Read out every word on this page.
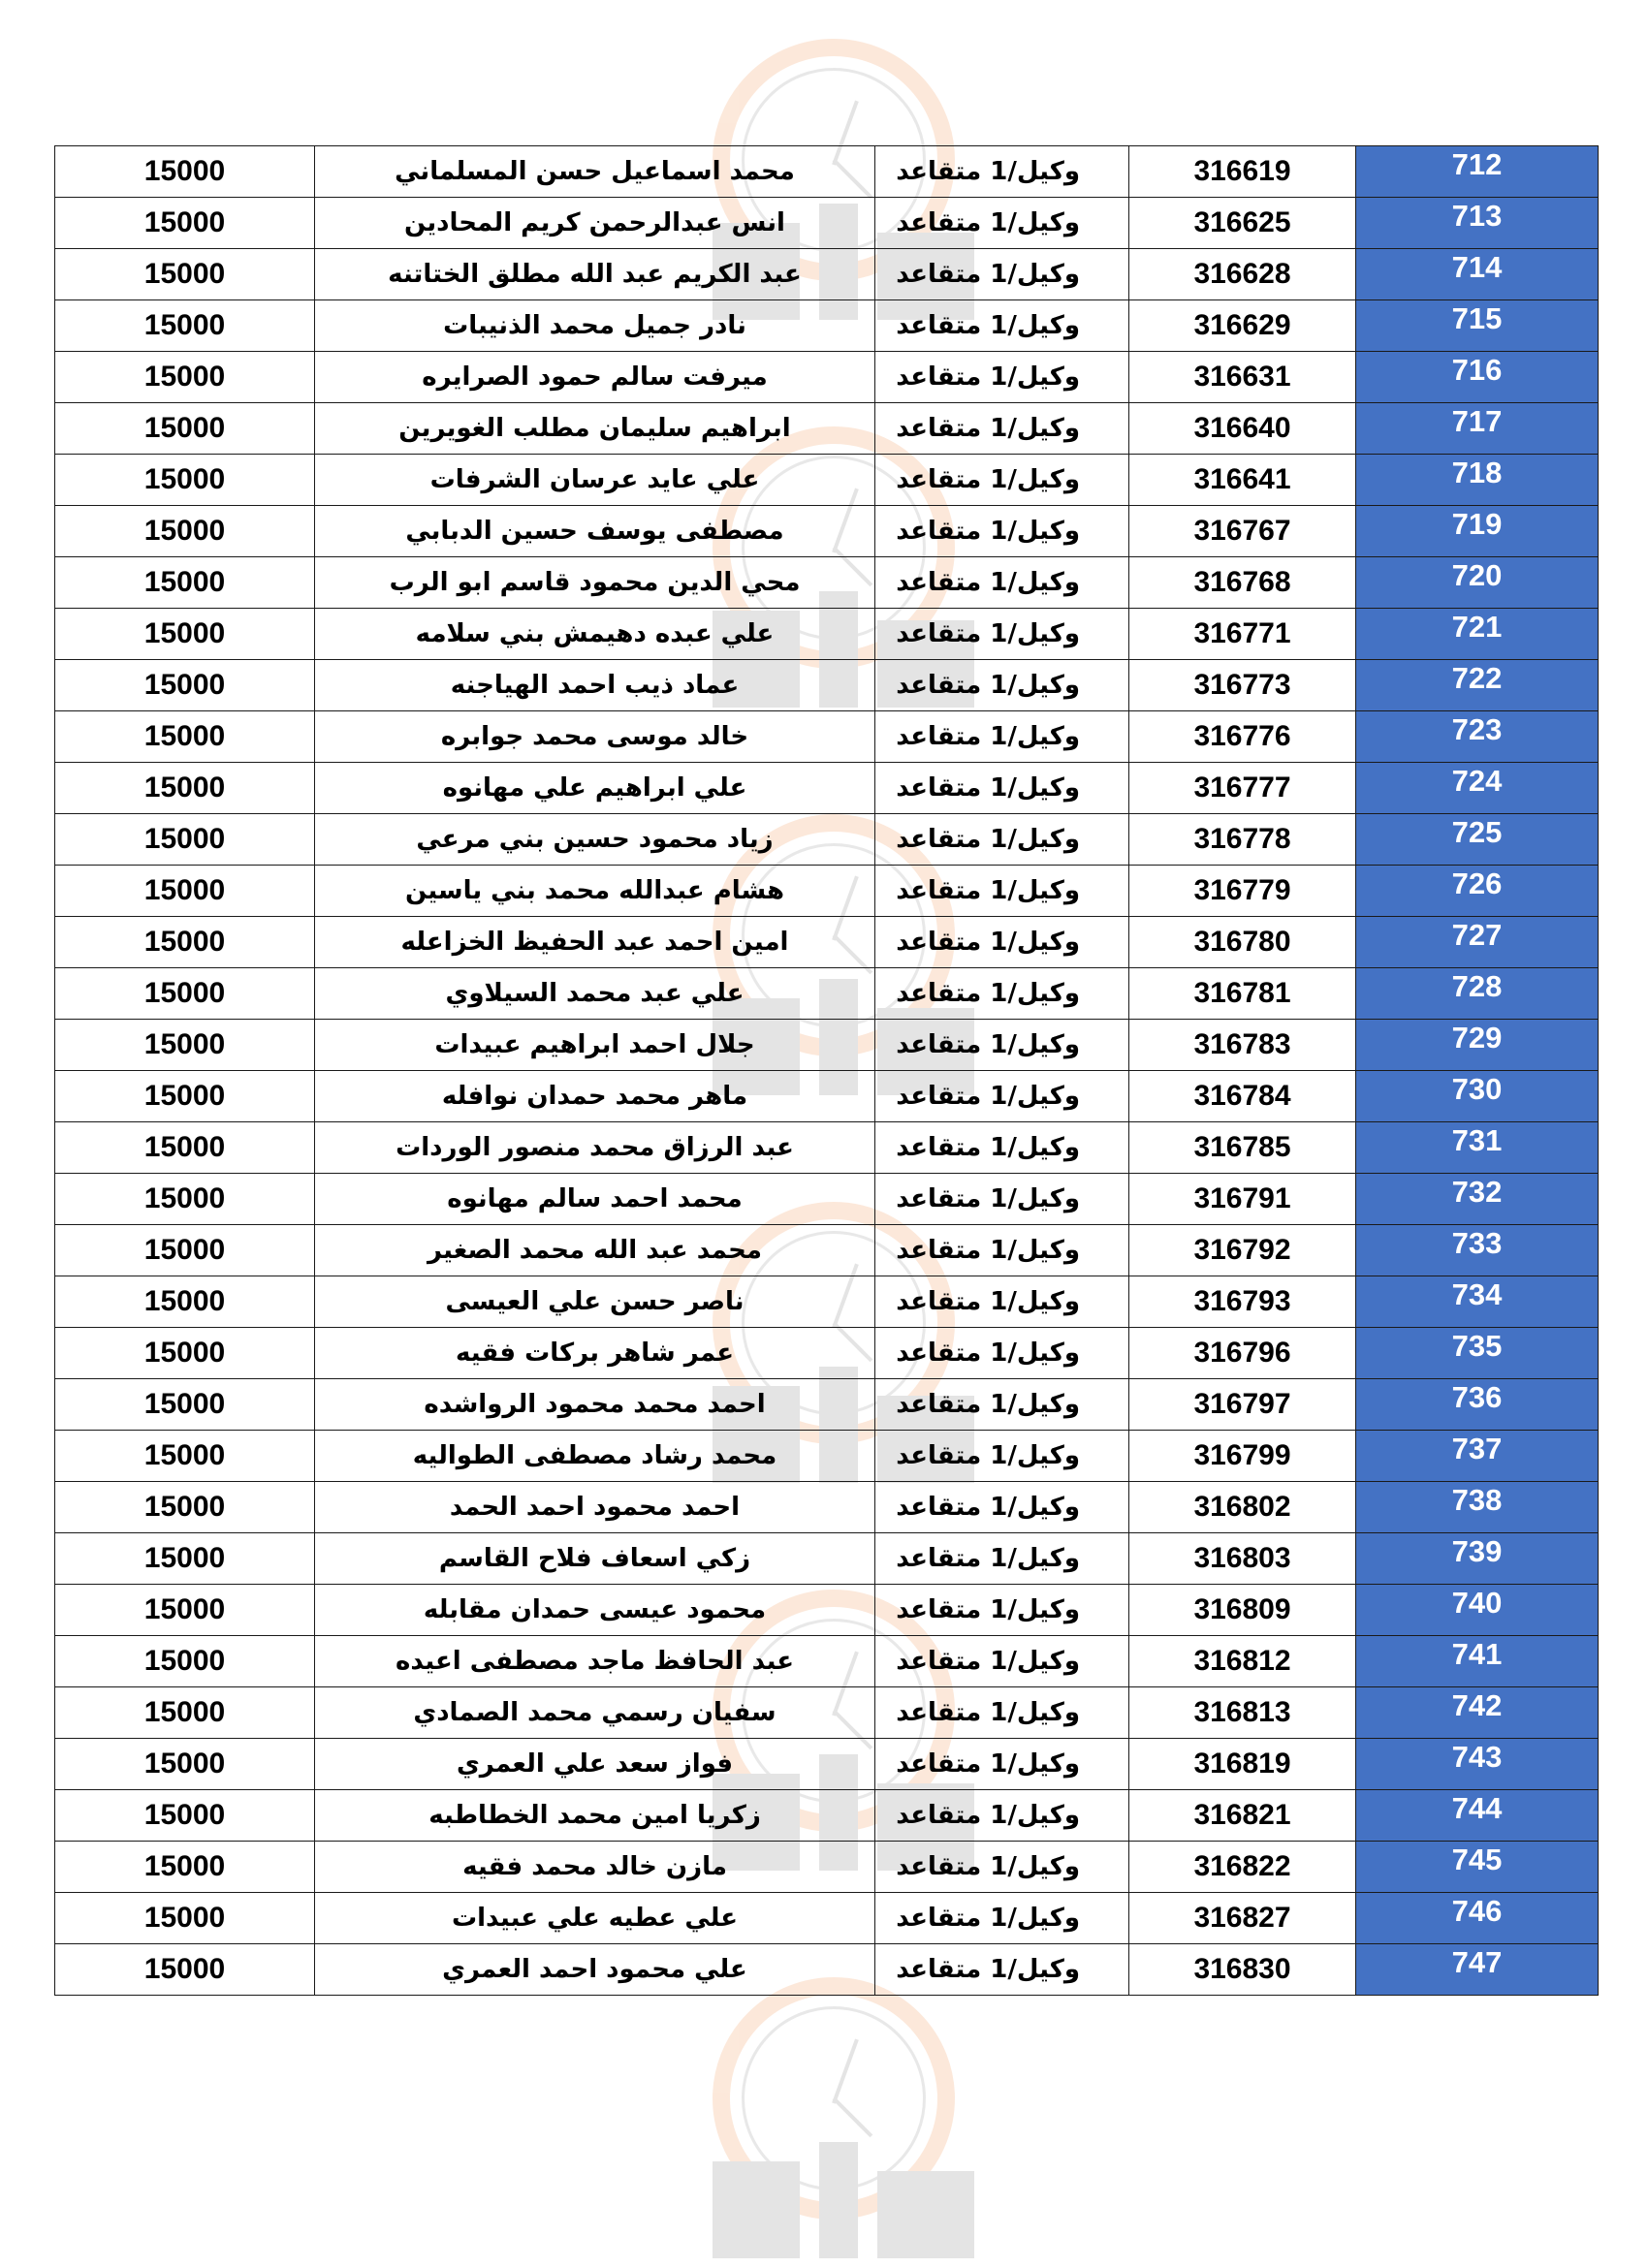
15000	محمد اسماعيل حسن المسلماني	وكيل/1 متقاعد	316619	712
15000	انس عبدالرحمن كريم المحادين	وكيل/1 متقاعد	316625	713
15000	عبد الكريم عبد الله مطلق الختاتنه	وكيل/1 متقاعد	316628	714
15000	نادر جميل محمد الذنيبات	وكيل/1 متقاعد	316629	715
15000	ميرفت سالم حمود الصرايره	وكيل/1 متقاعد	316631	716
15000	ابراهيم سليمان مطلب الغويرين	وكيل/1 متقاعد	316640	717
15000	علي عايد عرسان الشرفات	وكيل/1 متقاعد	316641	718
15000	مصطفى يوسف حسين الدبابي	وكيل/1 متقاعد	316767	719
15000	محي الدين محمود قاسم ابو الرب	وكيل/1 متقاعد	316768	720
15000	علي عبده دهيمش بني سلامه	وكيل/1 متقاعد	316771	721
15000	عماد ذيب احمد الهياجنه	وكيل/1 متقاعد	316773	722
15000	خالد موسى محمد جوابره	وكيل/1 متقاعد	316776	723
15000	علي ابراهيم علي مهانوه	وكيل/1 متقاعد	316777	724
15000	زياد محمود حسين بني مرعي	وكيل/1 متقاعد	316778	725
15000	هشام عبدالله محمد بني ياسين	وكيل/1 متقاعد	316779	726
15000	امين احمد عبد الحفيظ الخزاعله	وكيل/1 متقاعد	316780	727
15000	علي عبد محمد السيلاوي	وكيل/1 متقاعد	316781	728
15000	جلال احمد ابراهيم عبيدات	وكيل/1 متقاعد	316783	729
15000	ماهر محمد حمدان نوافله	وكيل/1 متقاعد	316784	730
15000	عبد الرزاق محمد منصور الوردات	وكيل/1 متقاعد	316785	731
15000	محمد احمد سالم مهانوه	وكيل/1 متقاعد	316791	732
15000	محمد عبد الله محمد الصغير	وكيل/1 متقاعد	316792	733
15000	ناصر حسن علي العيسى	وكيل/1 متقاعد	316793	734
15000	عمر شاهر بركات فقيه	وكيل/1 متقاعد	316796	735
15000	احمد محمد محمود الرواشده	وكيل/1 متقاعد	316797	736
15000	محمد رشاد مصطفى الطواليه	وكيل/1 متقاعد	316799	737
15000	احمد محمود احمد الحمد	وكيل/1 متقاعد	316802	738
15000	زكي اسعاف فلاح القاسم	وكيل/1 متقاعد	316803	739
15000	محمود عيسى حمدان مقابله	وكيل/1 متقاعد	316809	740
15000	عبد الحافظ ماجد مصطفى اعيده	وكيل/1 متقاعد	316812	741
15000	سفيان رسمي محمد الصمادي	وكيل/1 متقاعد	316813	742
15000	فواز سعد علي العمري	وكيل/1 متقاعد	316819	743
15000	زكريا امين محمد الخطاطبه	وكيل/1 متقاعد	316821	744
15000	مازن خالد محمد فقيه	وكيل/1 متقاعد	316822	745
15000	علي عطيه علي عبيدات	وكيل/1 متقاعد	316827	746
15000	علي محمود احمد العمري	وكيل/1 متقاعد	316830	747
